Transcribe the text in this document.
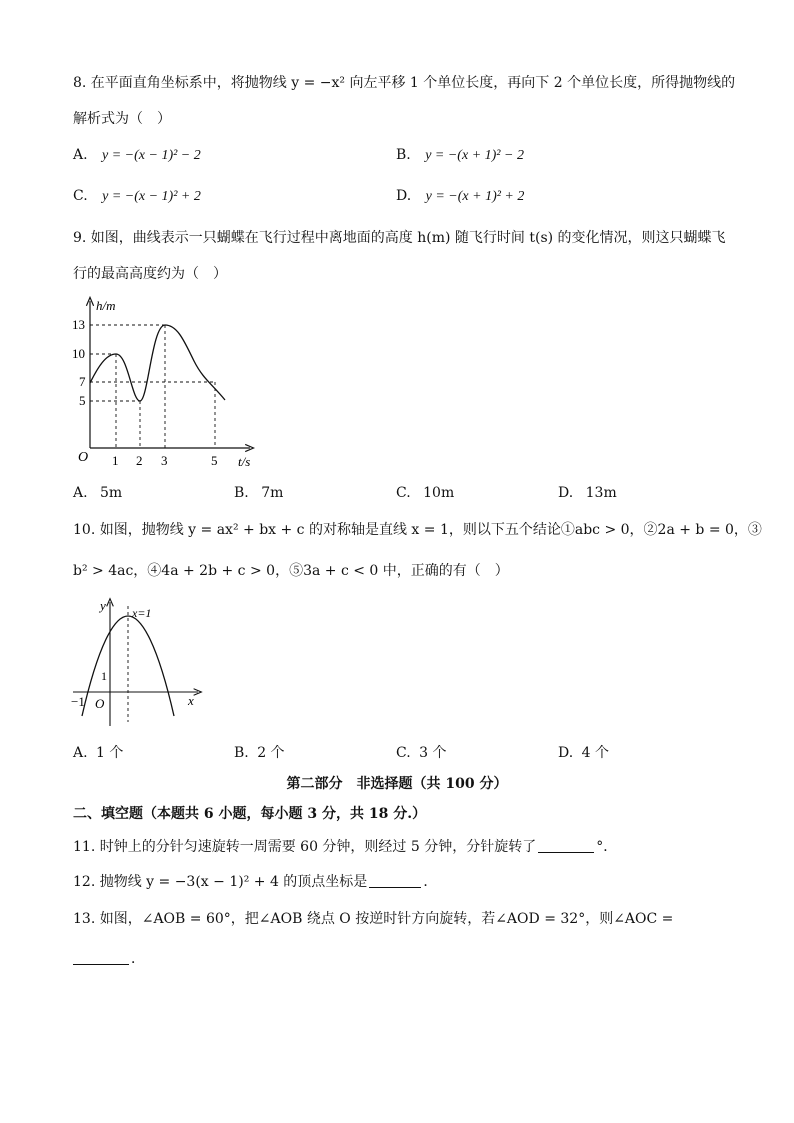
8. 在平面直角坐标系中，将抛物线 y = −x² 向左平移 1 个单位长度，再向下 2 个单位长度，所得抛物线的
解析式为（　）
A. y = −(x − 1)² − 2	B. y = −(x + 1)² − 2
C. y = −(x − 1)² + 2	D. y = −(x + 1)² + 2
9. 如图，曲线表示一只蝴蝶在飞行过程中离地面的高度 h(m) 随飞行时间 t(s) 的变化情况，则这只蝴蝶飞
行的最高高度约为（　）
h/m
13
10
7
5
O 1 2 3	5 t/s
A. 5m	B. 7m	C. 10m	D. 13m
10. 如图，抛物线 y = ax² + bx + c 的对称轴是直线 x = 1，则以下五个结论①abc > 0，②2a + b = 0，③
b² > 4ac，④4a + 2b + c > 0，⑤3a + c < 0 中，正确的有（　）
y x=1
1
−1 O	x
A. 1 个	B. 2 个	C. 3 个	D. 4 个
第二部分　非选择题（共 100 分）
二、填空题（本题共 6 小题，每小题 3 分，共 18 分.）
11. 时钟上的分针匀速旋转一周需要 60 分钟，则经过 5 分钟，分针旋转了	°．
12. 抛物线 y = −3(x − 1)² + 4 的顶点坐标是	．
13. 如图，∠AOB = 60°，把∠AOB 绕点 O 按逆时针方向旋转，若∠AOD = 32°，则∠AOC =
．
